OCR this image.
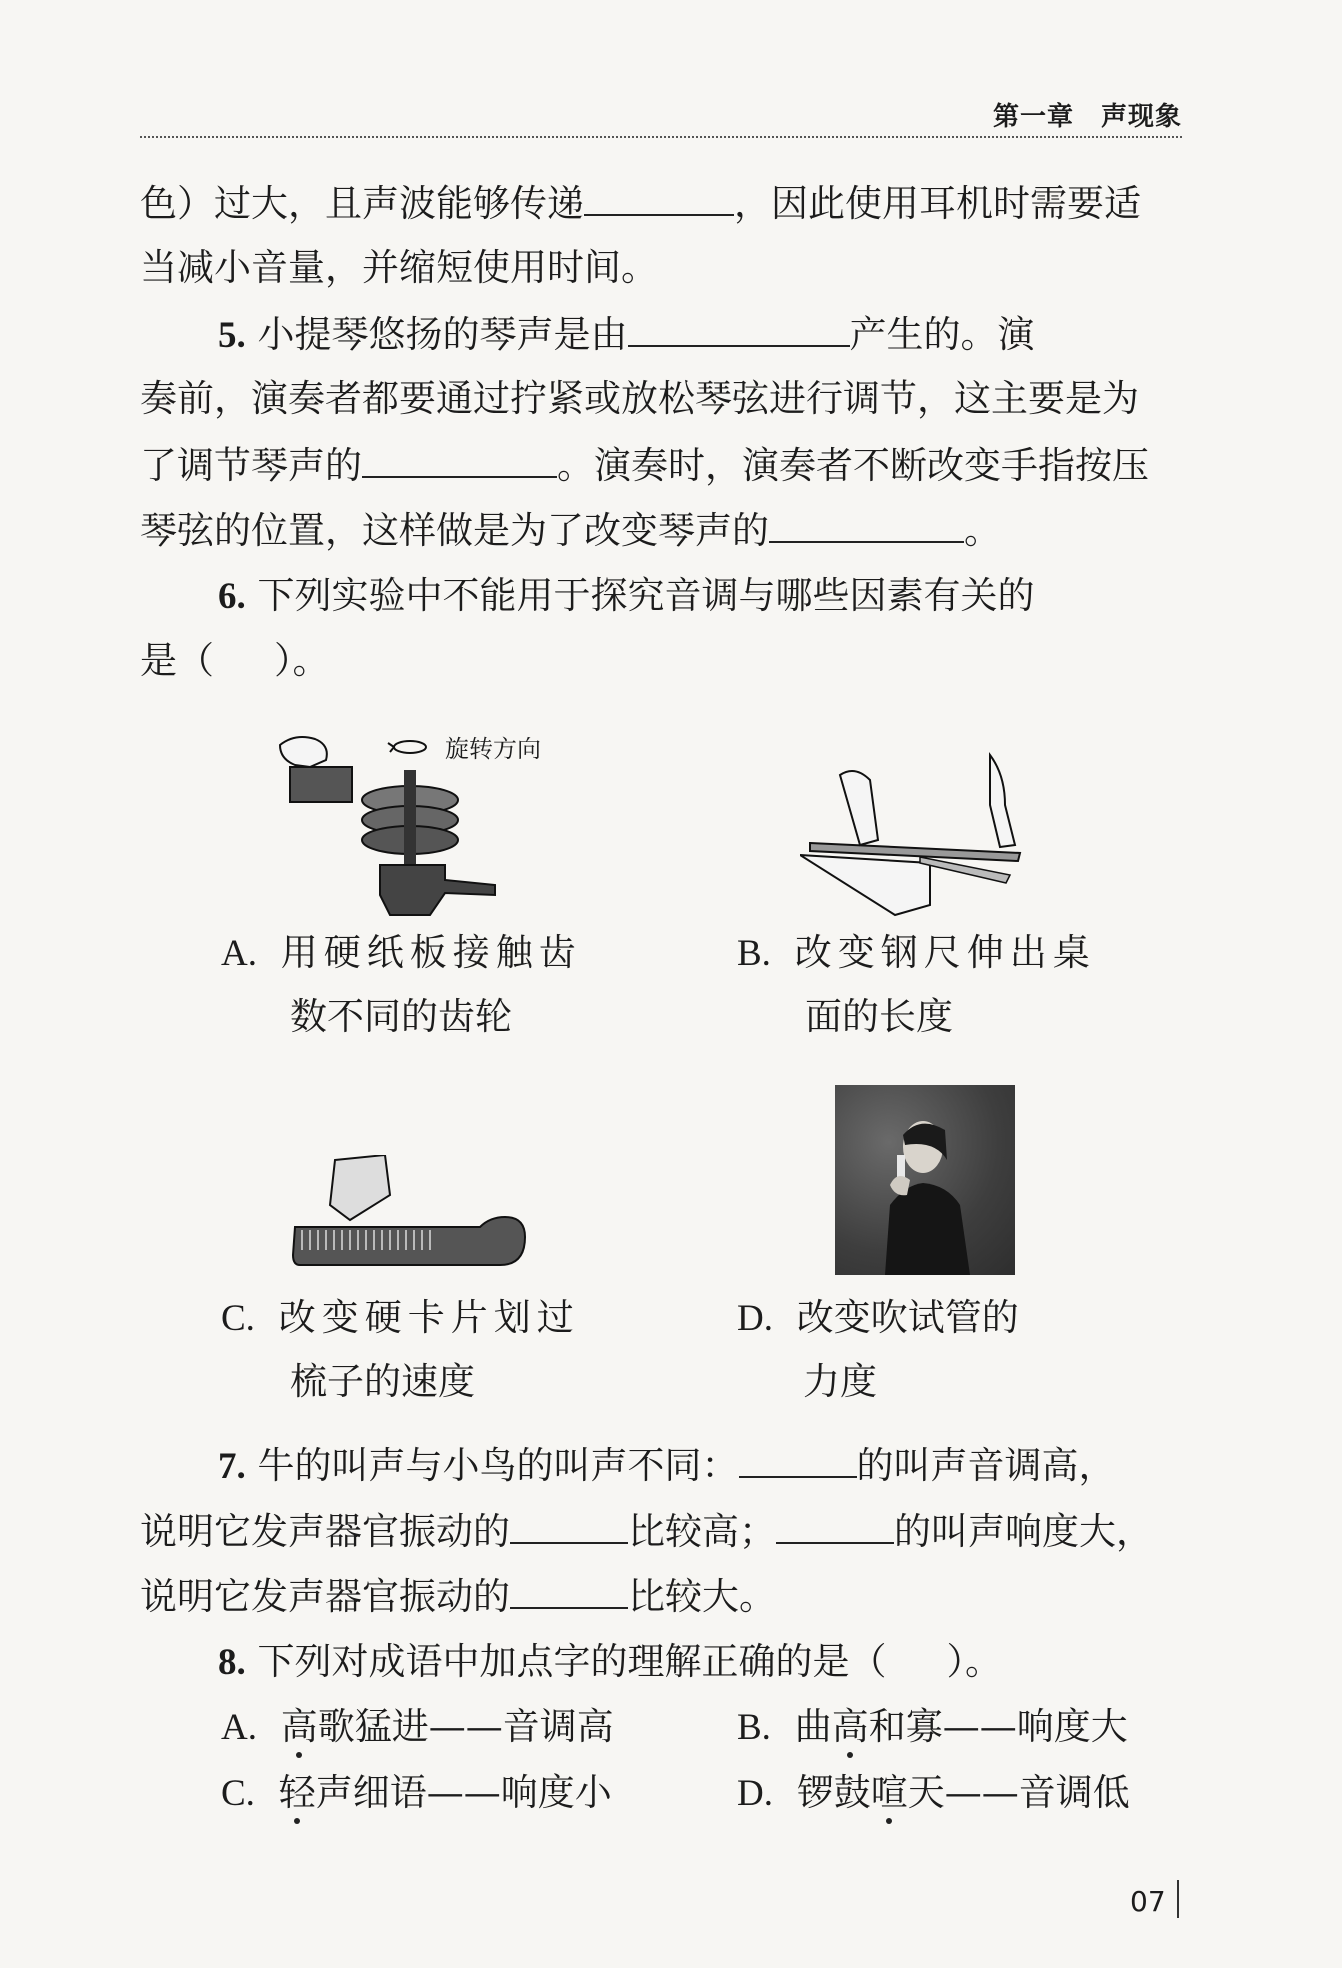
第一章　声现象
色）过大，且声波能够传递	，因此使用耳机时需要适
当减小音量，并缩短使用时间。
5. 小提琴悠扬的琴声是由	产生的。演
奏前，演奏者都要通过拧紧或放松琴弦进行调节，这主要是为
了调节琴声的	。演奏时，演奏者不断改变手指按压
琴弦的位置，这样做是为了改变琴声的	。
6. 下列实验中不能用于探究音调与哪些因素有关的
是（ ）。
旋转方向
A. 用硬纸板接触齿
数不同的齿轮
B. 改变钢尺伸出桌
面的长度
C. 改变硬卡片划过
梳子的速度
D. 改变吹试管的
力度
7. 牛的叫声与小鸟的叫声不同：	的叫声音调高，
说明它发声器官振动的	比较高；	的叫声响度大，
说明它发声器官振动的	比较大。
8. 下列对成语中加点字的理解正确的是（ ）。
A. 高歌猛进——音调高	B. 曲高和寡——响度大
C. 轻声细语——响度小	D. 锣鼓喧天——音调低
07
